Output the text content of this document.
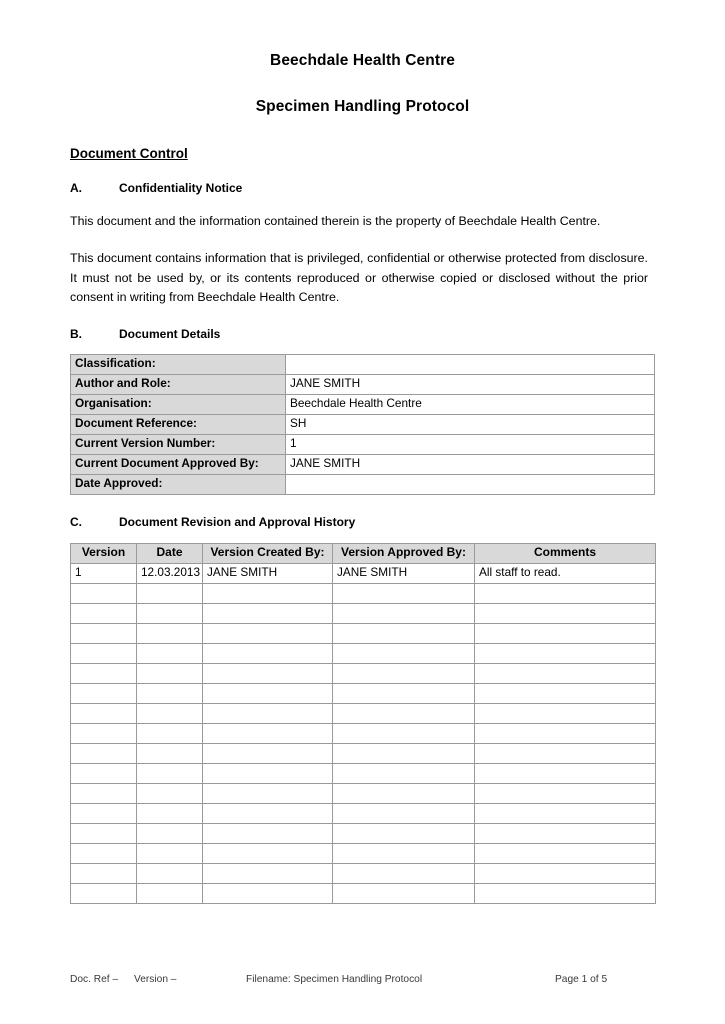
Beechdale Health Centre
Specimen Handling Protocol
Document Control
A.	Confidentiality Notice
This document and the information contained therein is the property of Beechdale Health Centre.
This document contains information that is privileged, confidential or otherwise protected from disclosure. It must not be used by, or its contents reproduced or otherwise copied or disclosed without the prior consent in writing from Beechdale Health Centre.
B.	Document Details
Classification:	
Author and Role:	JANE SMITH
Organisation:	Beechdale Health Centre
Document Reference:	SH
Current Version Number:	1
Current Document Approved By:	JANE SMITH
Date Approved:	
C.	Document Revision and Approval History
Version	Date	Version Created By:	Version Approved By:	Comments
1	12.03.2013	JANE SMITH	JANE SMITH	All staff to read.

Doc. Ref –	Version –	Filename: Specimen Handling Protocol	Page 1 of 5
